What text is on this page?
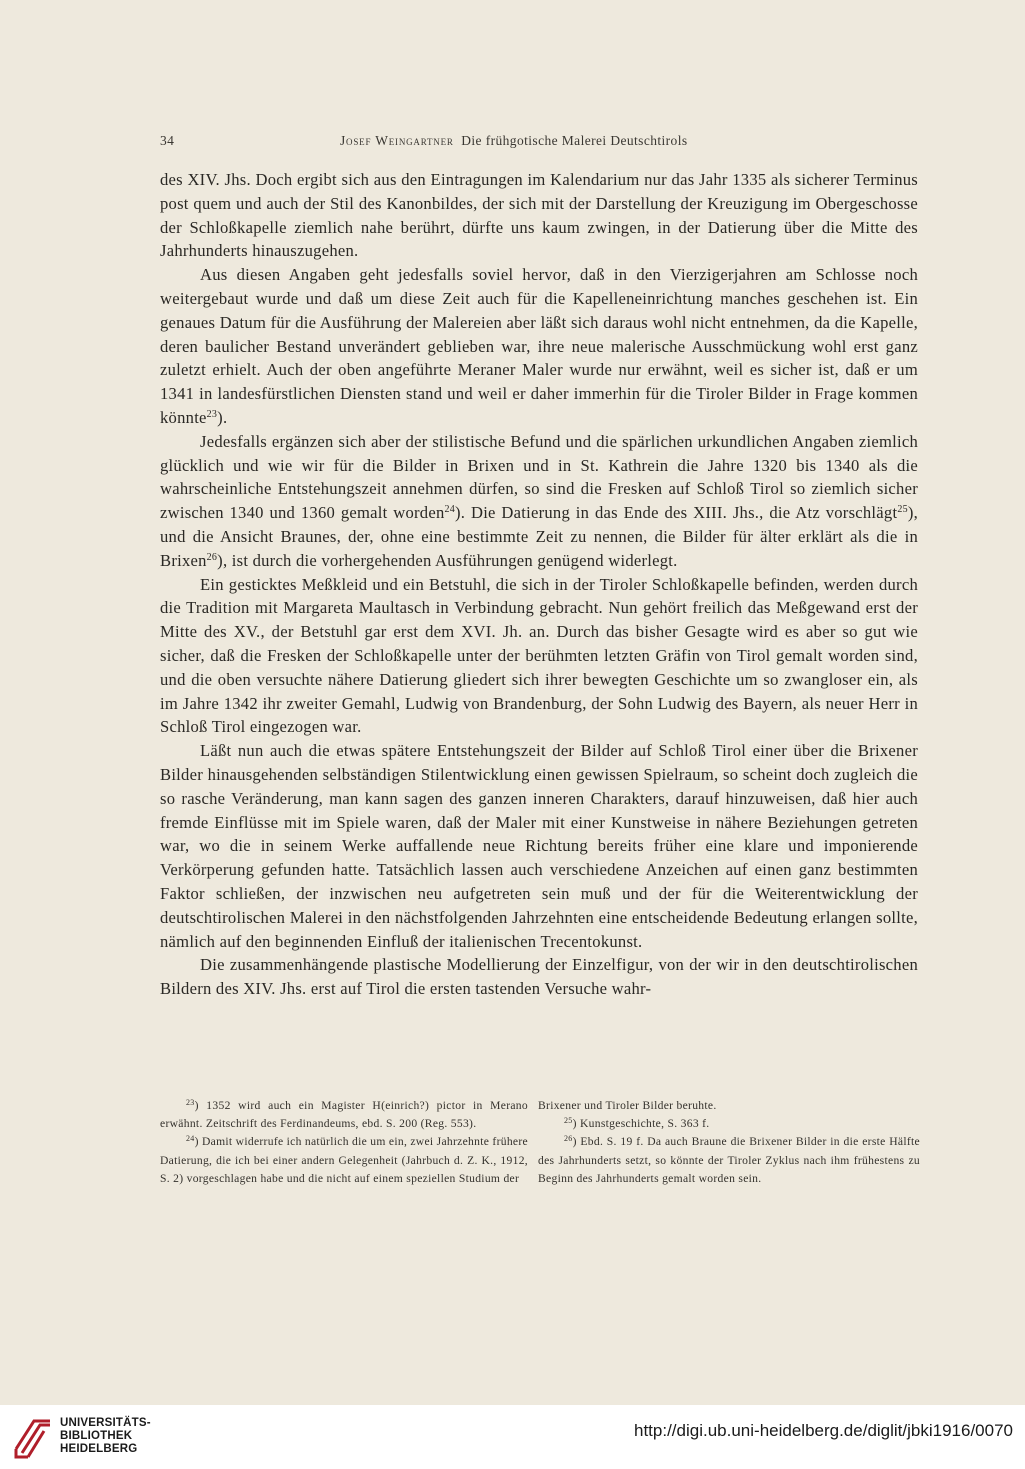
34	Josef Weingartner Die frühgotische Malerei Deutschtirols

des XIV. Jhs. Doch ergibt sich aus den Eintragungen im Kalendarium nur das Jahr 1335 als sicherer Terminus post quem und auch der Stil des Kanonbildes, der sich mit der Darstellung der Kreuzigung im Obergeschosse der Schloßkapelle ziemlich nahe berührt, dürfte uns kaum zwingen, in der Datierung über die Mitte des Jahrhunderts hinauszugehen.

Aus diesen Angaben geht jedesfalls soviel hervor, daß in den Vierzigerjahren am Schlosse noch weitergebaut wurde und daß um diese Zeit auch für die Kapelleneinrichtung manches geschehen ist. Ein genaues Datum für die Ausführung der Malereien aber läßt sich daraus wohl nicht entnehmen, da die Kapelle, deren baulicher Bestand unverändert geblieben war, ihre neue malerische Ausschmückung wohl erst ganz zuletzt erhielt. Auch der oben angeführte Meraner Maler wurde nur erwähnt, weil es sicher ist, daß er um 1341 in landesfürstlichen Diensten stand und weil er daher immerhin für die Tiroler Bilder in Frage kommen könnte$^{23}$).

Jedesfalls ergänzen sich aber der stilistische Befund und die spärlichen urkundlichen Angaben ziemlich glücklich und wie wir für die Bilder in Brixen und in St. Kathrein die Jahre 1320 bis 1340 als die wahrscheinliche Entstehungszeit annehmen dürfen, so sind die Fresken auf Schloß Tirol so ziemlich sicher zwischen 1340 und 1360 gemalt worden$^{24}$). Die Datierung in das Ende des XIII. Jhs., die Atz vorschlägt$^{25}$), und die Ansicht Braunes, der, ohne eine bestimmte Zeit zu nennen, die Bilder für älter erklärt als die in Brixen$^{26}$), ist durch die vorhergehenden Ausführungen genügend widerlegt.

Ein gesticktes Meßkleid und ein Betstuhl, die sich in der Tiroler Schloßkapelle befinden, werden durch die Tradition mit Margareta Maultasch in Verbindung gebracht. Nun gehört freilich das Meßgewand erst der Mitte des XV., der Betstuhl gar erst dem XVI. Jh. an. Durch das bisher Gesagte wird es aber so gut wie sicher, daß die Fresken der Schloßkapelle unter der berühmten letzten Gräfin von Tirol gemalt worden sind, und die oben versuchte nähere Datierung gliedert sich ihrer bewegten Geschichte um so zwangloser ein, als im Jahre 1342 ihr zweiter Gemahl, Ludwig von Brandenburg, der Sohn Ludwig des Bayern, als neuer Herr in Schloß Tirol eingezogen war.

Läßt nun auch die etwas spätere Entstehungszeit der Bilder auf Schloß Tirol einer über die Brixener Bilder hinausgehenden selbständigen Stilentwicklung einen gewissen Spielraum, so scheint doch zugleich die so rasche Veränderung, man kann sagen des ganzen inneren Charakters, darauf hinzuweisen, daß hier auch fremde Einflüsse mit im Spiele waren, daß der Maler mit einer Kunstweise in nähere Beziehungen getreten war, wo die in seinem Werke auffallende neue Richtung bereits früher eine klare und imponierende Verkörperung gefunden hatte. Tatsächlich lassen auch verschiedene Anzeichen auf einen ganz bestimmten Faktor schließen, der inzwischen neu aufgetreten sein muß und der für die Weiterentwicklung der deutschtirolischen Malerei in den nächstfolgenden Jahrzehnten eine entscheidende Bedeutung erlangen sollte, nämlich auf den beginnenden Einfluß der italienischen Trecentokunst.

Die zusammenhängende plastische Modellierung der Einzelfigur, von der wir in den deutschtirolischen Bildern des XIV. Jhs. erst auf Tirol die ersten tastenden Versuche wahr-

$^{23}$) 1352 wird auch ein Magister H(einrich?) pictor in Merano erwähnt. Zeitschrift des Ferdinandeums, ebd. S. 200 (Reg. 553).

$^{24}$) Damit widerrufe ich natürlich die um ein, zwei Jahrzehnte frühere Datierung, die ich bei einer andern Gelegenheit (Jahrbuch d. Z. K., 1912, S. 2) vorgeschlagen habe und die nicht auf einem speziellen Studium der

Brixener und Tiroler Bilder beruhte.

$^{25}$) Kunstgeschichte, S. 363 f.

$^{26}$) Ebd. S. 19 f. Da auch Braune die Brixener Bilder in die erste Hälfte des Jahrhunderts setzt, so könnte der Tiroler Zyklus nach ihm frühestens zu Beginn des Jahrhunderts gemalt worden sein.

UNIVERSITÄTS-
BIBLIOTHEK
HEIDELBERG
http://digi.ub.uni-heidelberg.de/diglit/jbki1916/0070
